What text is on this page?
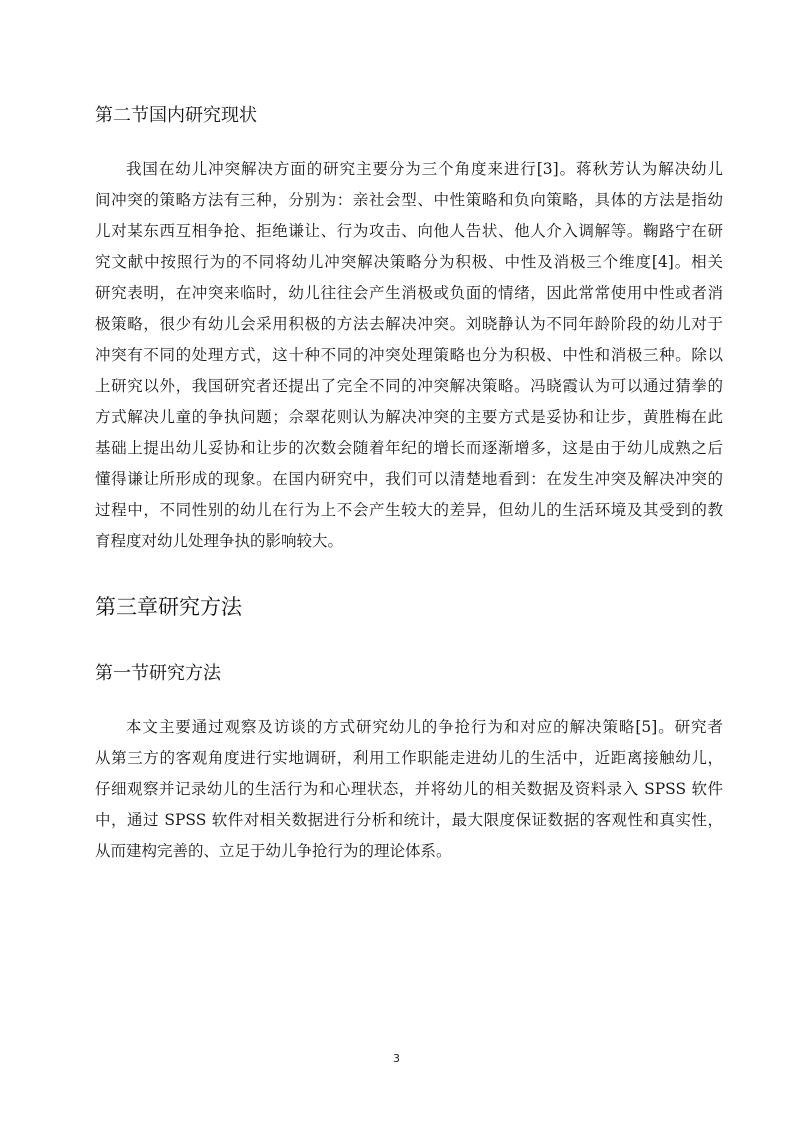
第二节国内研究现状
我国在幼儿冲突解决方面的研究主要分为三个角度来进行[3]。蒋秋芳认为解决幼儿
间冲突的策略方法有三种，分别为：亲社会型、中性策略和负向策略，具体的方法是指幼
儿对某东西互相争抢、拒绝谦让、行为攻击、向他人告状、他人介入调解等。鞠路宁在研
究文献中按照行为的不同将幼儿冲突解决策略分为积极、中性及消极三个维度[4]。相关
研究表明，在冲突来临时，幼儿往往会产生消极或负面的情绪，因此常常使用中性或者消
极策略，很少有幼儿会采用积极的方法去解决冲突。刘晓静认为不同年龄阶段的幼儿对于
冲突有不同的处理方式，这十种不同的冲突处理策略也分为积极、中性和消极三种。除以
上研究以外，我国研究者还提出了完全不同的冲突解决策略。冯晓霞认为可以通过猜拳的
方式解决儿童的争执问题；佘翠花则认为解决冲突的主要方式是妥协和让步，黄胜梅在此
基础上提出幼儿妥协和让步的次数会随着年纪的增长而逐渐增多，这是由于幼儿成熟之后
懂得谦让所形成的现象。在国内研究中，我们可以清楚地看到：在发生冲突及解决冲突的
过程中，不同性别的幼儿在行为上不会产生较大的差异，但幼儿的生活环境及其受到的教
育程度对幼儿处理争执的影响较大。
第三章研究方法
第一节研究方法
本文主要通过观察及访谈的方式研究幼儿的争抢行为和对应的解决策略[5]。研究者
从第三方的客观角度进行实地调研，利用工作职能走进幼儿的生活中，近距离接触幼儿，
仔细观察并记录幼儿的生活行为和心理状态，并将幼儿的相关数据及资料录入 SPSS 软件
中，通过 SPSS 软件对相关数据进行分析和统计，最大限度保证数据的客观性和真实性，
从而建构完善的、立足于幼儿争抢行为的理论体系。
3
